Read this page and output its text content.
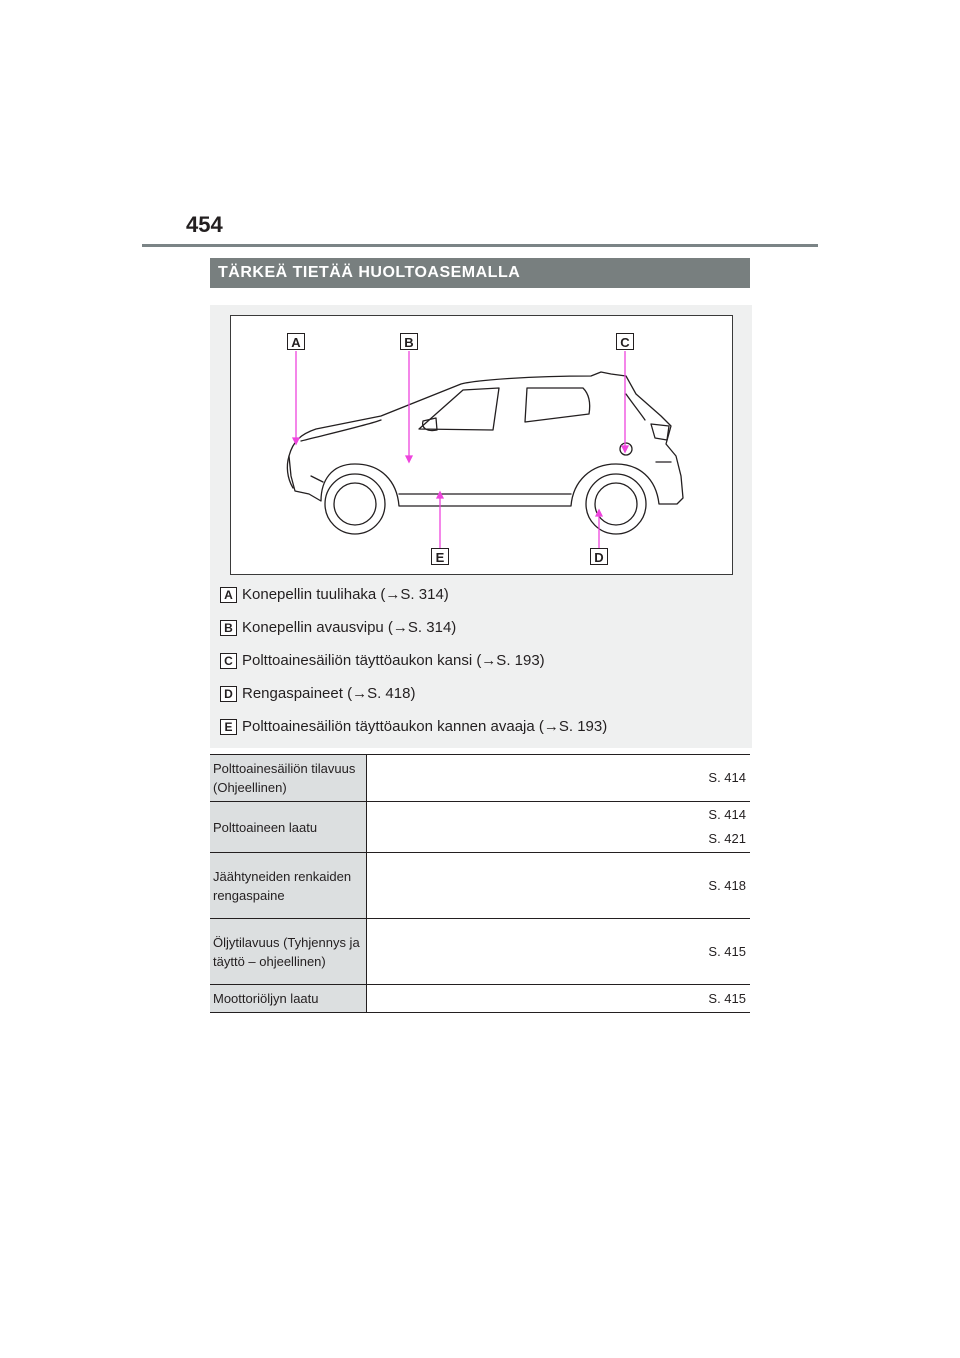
454
TÄRKEÄ TIETÄÄ HUOLTOASEMALLA
A	B	C
D
E
A Konepellin tuulihaka (→S. 314)
B Konepellin avausvipu (→S. 314)
C Polttoainesäiliön täyttöaukon kansi (→S. 193)
D Rengaspaineet (→S. 418)
E Polttoainesäiliön täyttöaukon kannen avaaja (→S. 193)
Polttoainesäiliön tilavuus (Ohjeellinen)	S. 414

Polttoaineen laatu	S. 414
S. 421

Jäähtyneiden renkaiden rengaspaine	S. 418

Öljytilavuus (Tyhjennys ja täyttö – ohjeellinen)	S. 415

Moottoriöljyn laatu	S. 415
